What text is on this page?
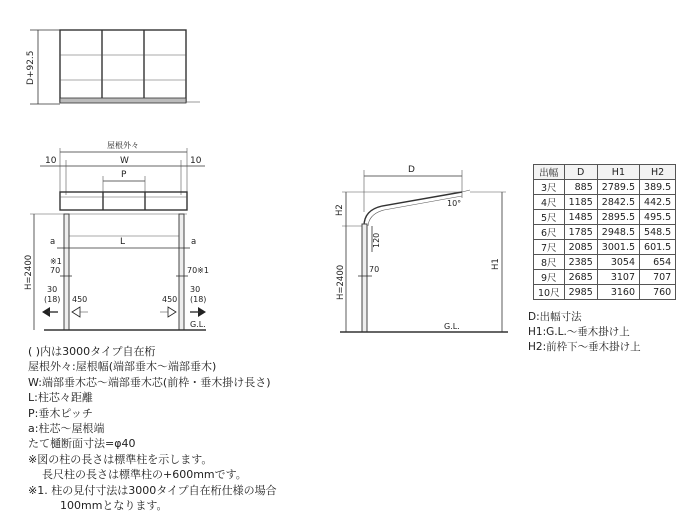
D+92.5
屋根外々
W
10	10
P
a	a
L
※1
70	70※1
H=2400 30
(18)
30
(18)
450	450
G.L.
D
10°
H2
120
70
H=2400
H1
G.L.
出幅	D	H1	H2
3尺	885	2789.5	389.5
4尺	1185	2842.5	442.5
5尺	1485	2895.5	495.5
6尺	1785	2948.5	548.5
7尺	2085	3001.5	601.5
8尺	2385	3054	654
9尺	2685	3107	707
10尺	2985	3160	760
D:出幅寸法
H1:G.L.～垂木掛け上
H2:前枠下～垂木掛け上
( )内は3000タイプ自在桁
屋根外々:屋根幅(端部垂木～端部垂木)
W:端部垂木芯～端部垂木芯(前枠・垂木掛け長さ)
L:柱芯々距離
P:垂木ピッチ
a:柱芯～屋根端
たて樋断面寸法=φ40
※図の柱の長さは標準柱を示します。
長尺柱の長さは標準柱の+600mmです。
※1. 柱の見付寸法は3000タイプ自在桁仕様の場合
100mmとなります。
